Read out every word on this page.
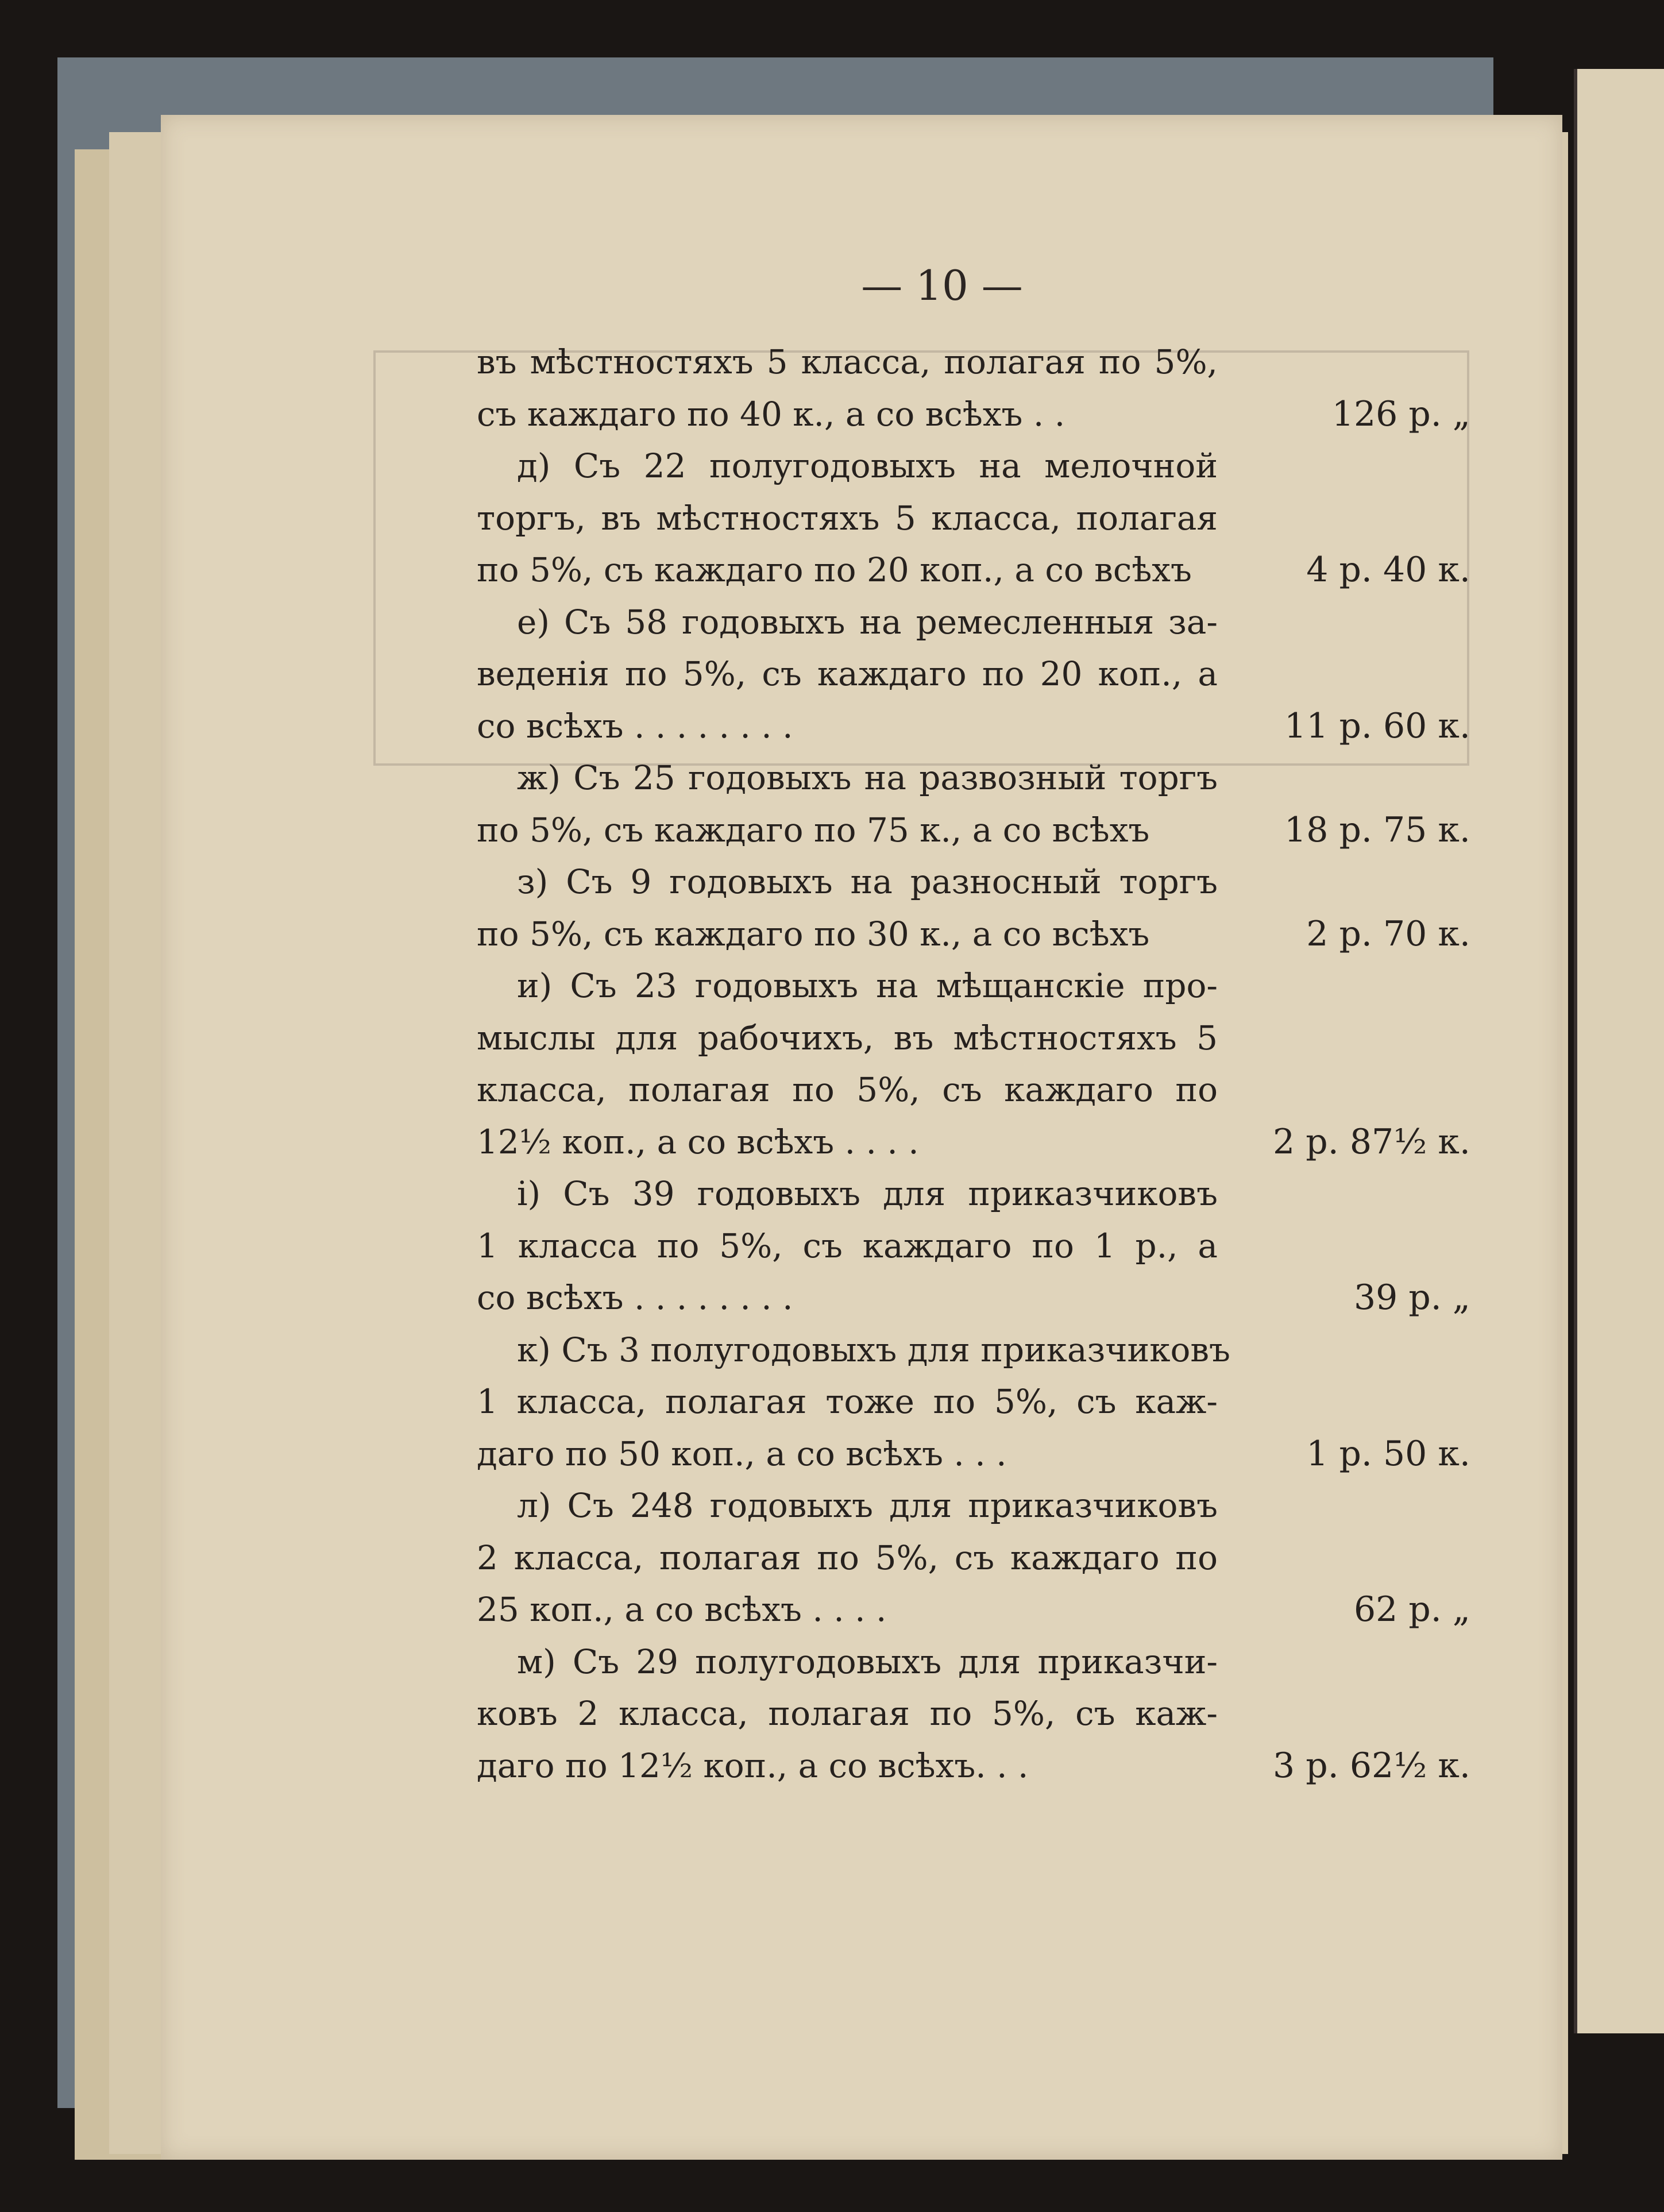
— 10 —
въ мѣстностяхъ 5 класса, полагая по 5%,
съ каждаго по 40 к., а со всѣхъ . .	126 р. „
д) Съ 22 полугодовыхъ на мелочной
торгъ, въ мѣстностяхъ 5 класса, полагая
по 5%, съ каждаго по 20 коп., а со всѣхъ	4 р. 40 к.
е) Съ 58 годовыхъ на ремесленныя за-
веденія по 5%, съ каждаго по 20 коп., а
со всѣхъ . . . . . . . .	11 р. 60 к.
ж) Съ 25 годовыхъ на развозный торгъ
по 5%, съ каждаго по 75 к., а со всѣхъ	18 р. 75 к.
з) Съ 9 годовыхъ на разносный торгъ
по 5%, съ каждаго по 30 к., а со всѣхъ	2 р. 70 к.
и) Съ 23 годовыхъ на мѣщанскіе про-
мыслы для рабочихъ, въ мѣстностяхъ 5
класса, полагая по 5%, съ каждаго по
12½ коп., а со всѣхъ . . . .	2 р. 87½ к.
і) Съ 39 годовыхъ для приказчиковъ
1 класса по 5%, съ каждаго по 1 р., а
со всѣхъ . . . . . . . .	39 р. „
к) Съ 3 полугодовыхъ для приказчиковъ
1 класса, полагая тоже по 5%, съ каж-
даго по 50 коп., а со всѣхъ . . .	1 р. 50 к.
л) Съ 248 годовыхъ для приказчиковъ
2 класса, полагая по 5%, съ каждаго по
25 коп., а со всѣхъ . . . .	62 р. „
м) Съ 29 полугодовыхъ для приказчи-
ковъ 2 класса, полагая по 5%, съ каж-
даго по 12½ коп., а со всѣхъ. . .	3 р. 62½ к.
